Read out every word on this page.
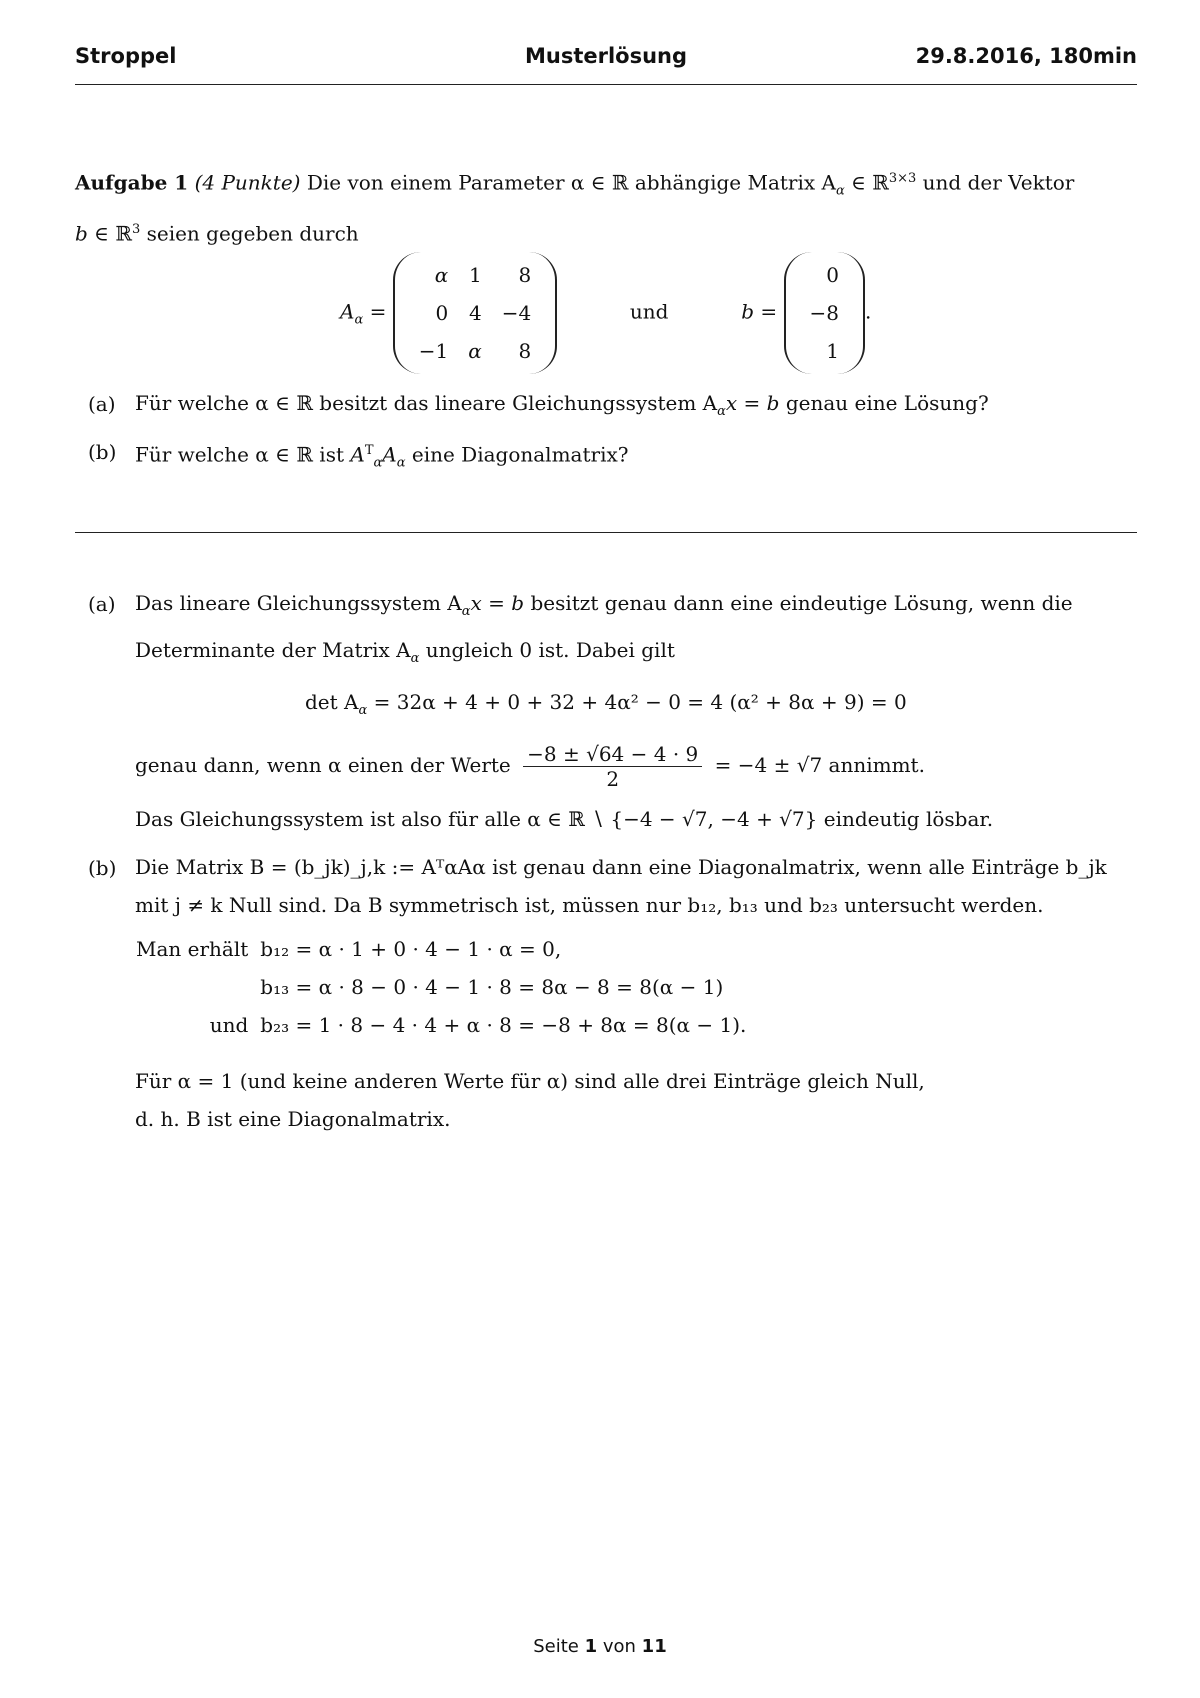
Stroppel	Musterlösung	29.8.2016, 180min
Aufgabe 1 (4 Punkte) Die von einem Parameter α ∈ ℝ abhängige Matrix $A_\alpha$ ∈ ℝ$^{3\times 3}$ und der Vektor
b ∈ ℝ$^3$ seien gegeben durch
$A_\alpha$ =
α	1	8
0	4	−4
−1	α	8
und	b =
0
−8
1
.
(a) Für welche α ∈ ℝ besitzt das lineare Gleichungssystem $A_\alpha x = b$ genau eine Lösung?
(b) Für welche α ∈ ℝ ist $A^T_\alpha A_\alpha$ eine Diagonalmatrix?
(a) Das lineare Gleichungssystem $A_\alpha x = b$ besitzt genau dann eine eindeutige Lösung, wenn die
Determinante der Matrix $A_\alpha$ ungleich 0 ist. Dabei gilt
$\det A_\alpha = 32\alpha + 4 + 0 + 32 + 4\alpha^2 - 0 = 4$ (α² + 8α + 9) = 0
genau dann, wenn α einen der Werte $\frac{-8 \pm √64 - 4 \cdot 9}{2} = -4 \pm √7$ annimmt.
Das Gleichungssystem ist also für alle α ∈ ℝ ∖ {−4 − √7, −4 + √7} eindeutig lösbar.
(b) Die Matrix B = (b_jk)_j,k := AᵀαAα ist genau dann eine Diagonalmatrix, wenn alle Einträge b_jk
mit j ≠ k Null sind. Da B symmetrisch ist, müssen nur b₁₂, b₁₃ und b₂₃ untersucht werden.
Man erhält	b₁₂ = α · 1 + 0 · 4 − 1 · α = 0,
	b₁₃ = α · 8 − 0 · 4 − 1 · 8 = 8α − 8 = 8(α − 1)
und	b₂₃ = 1 · 8 − 4 · 4 + α · 8 = −8 + 8α = 8(α − 1).
Für α = 1 (und keine anderen Werte für α) sind alle drei Einträge gleich Null,
d. h. B ist eine Diagonalmatrix.
Seite 1 von 11
